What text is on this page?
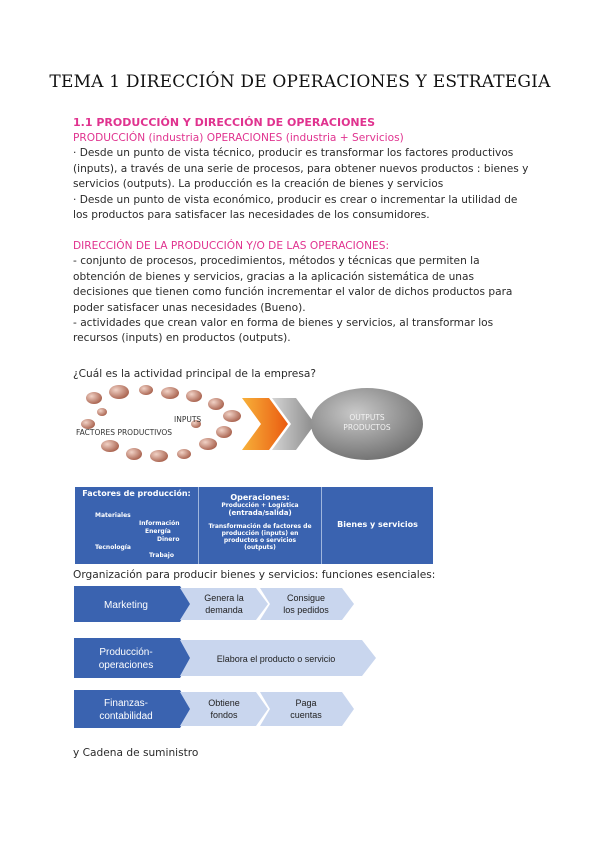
TEMA 1 DIRECCIÓN DE OPERACIONES Y ESTRATEGIA
1.1 PRODUCCIÓN Y DIRECCIÓN DE OPERACIONES

PRODUCCIÓN (industria) OPERACIONES (industria + Servicios)

· Desde un punto de vista técnico, producir es transformar los factores productivos (inputs), a través de una serie de procesos, para obtener nuevos productos : bienes y servicios (outputs). La producción es la creación de bienes y servicios

· Desde un punto de vista económico, producir es crear o incrementar la utilidad de los productos para satisfacer las necesidades de los consumidores.

DIRECCIÓN DE LA PRODUCCIÓN Y/O DE LAS OPERACIONES:

- conjunto de procesos, procedimientos, métodos y técnicas que permiten la obtención de bienes y servicios, gracias a la aplicación sistemática de unas decisiones que tienen como función incrementar el valor de dichos productos para poder satisfacer unas necesidades (Bueno).

- actividades que crean valor en forma de bienes y servicios, al transformar los recursos (inputs) en productos (outputs).

¿Cuál es la actividad principal de la empresa?
INPUTS
FACTORES PRODUCTIVOS
OUTPUTS
PRODUCTOS
Factores de producción:
Materiales
Información
Energía
Dinero
Tecnología
Trabajo
Operaciones:
Producción + Logística
(entrada/salida)
Transformación de factores de producción (inputs) en productos o servicios (outputs)
Bienes y servicios
Organización para producir bienes y servicios: funciones esenciales:
Marketing
Genera la
demanda
Consigue
los pedidos
Producción-
operaciones
Elabora el producto o servicio
Finanzas-
contabilidad
Obtiene
fondos
Paga
cuentas
y Cadena de suministro
